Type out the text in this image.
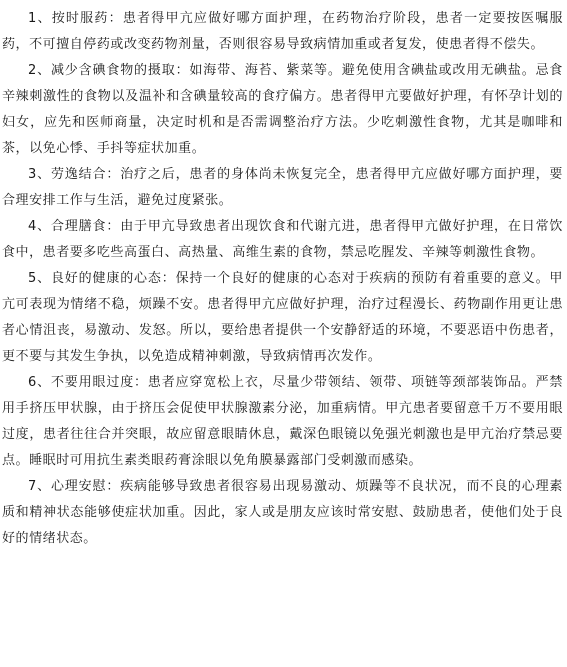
1、按时服药：患者得甲亢应做好哪方面护理，在药物治疗阶段，患者一定要按医嘱服药，不可擅自停药或改变药物剂量，否则很容易导致病情加重或者复发，使患者得不偿失。

2、减少含碘食物的摄取：如海带、海苔、紫菜等。避免使用含碘盐或改用无碘盐。忌食辛辣刺激性的食物以及温补和含碘量较高的食疗偏方。患者得甲亢要做好护理，有怀孕计划的妇女，应先和医师商量，决定时机和是否需调整治疗方法。少吃刺激性食物，尤其是咖啡和茶，以免心悸、手抖等症状加重。

3、劳逸结合：治疗之后，患者的身体尚未恢复完全，患者得甲亢应做好哪方面护理，要合理安排工作与生活，避免过度紧张。

4、合理膳食：由于甲亢导致患者出现饮食和代谢亢进，患者得甲亢做好护理，在日常饮食中，患者要多吃些高蛋白、高热量、高维生素的食物，禁忌吃腥发、辛辣等刺激性食物。

5、良好的健康的心态：保持一个良好的健康的心态对于疾病的预防有着重要的意义。甲亢可表现为情绪不稳，烦躁不安。患者得甲亢应做好护理，治疗过程漫长、药物副作用更让患者心情沮丧，易激动、发怒。所以，要给患者提供一个安静舒适的环境，不要恶语中伤患者，更不要与其发生争执，以免造成精神刺激，导致病情再次发作。

6、不要用眼过度：患者应穿宽松上衣，尽量少带领结、领带、项链等颈部装饰品。严禁用手挤压甲状腺，由于挤压会促使甲状腺激素分泌，加重病情。甲亢患者要留意千万不要用眼过度，患者往往合并突眼，故应留意眼睛休息，戴深色眼镜以免强光刺激也是甲亢治疗禁忌要点。睡眠时可用抗生素类眼药膏涂眼以免角膜暴露部门受刺激而感染。

7、心理安慰：疾病能够导致患者很容易出现易激动、烦躁等不良状况，而不良的心理素质和精神状态能够使症状加重。因此，家人或是朋友应该时常安慰、鼓励患者，使他们处于良好的情绪状态。
